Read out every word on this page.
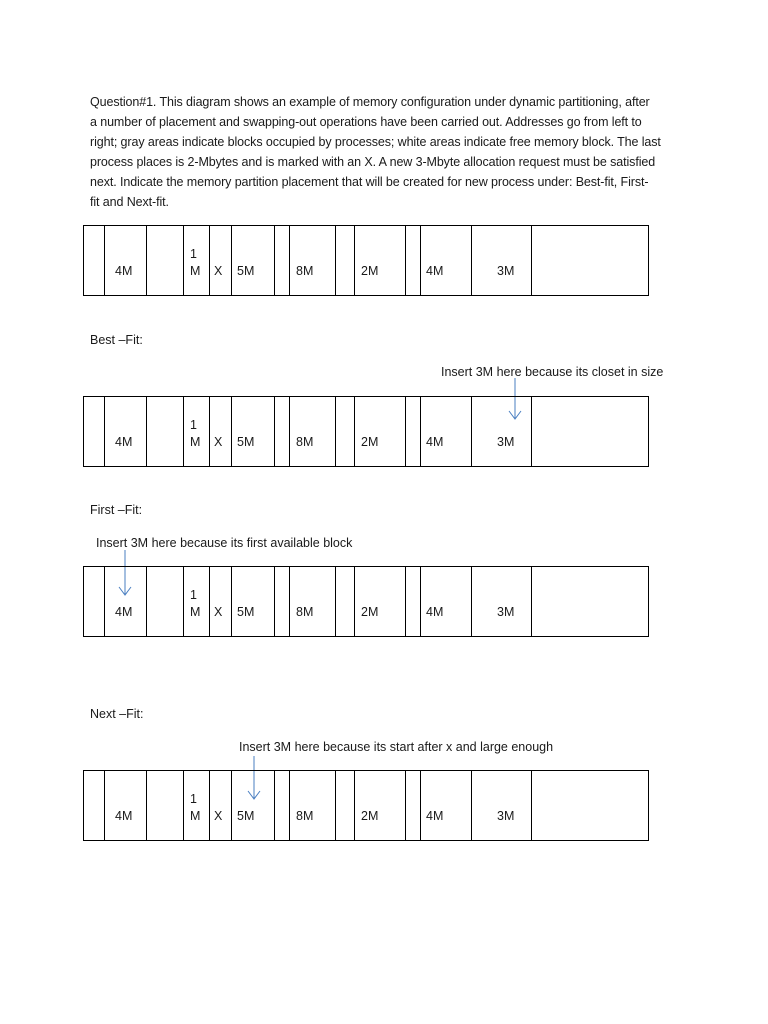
Question#1. This diagram shows an example of memory configuration under dynamic partitioning, after
a number of placement and swapping-out operations have been carried out. Addresses go from left to
right; gray areas indicate blocks occupied by processes; white areas indicate free memory block. The last
process places is 2-Mbytes and is marked with an X. A new 3-Mbyte allocation request must be satisfied
next. Indicate the memory partition placement that will be created for new process under: Best-fit, First-
fit and Next-fit.
4M	X 5M	8M	2M	4M	3M
1
M
Best –Fit:
Insert 3M here because its closet in size
4M	X 5M	8M	2M	4M	3M
1
M
First –Fit:
Insert 3M here because its first available block
4M	X 5M	8M	2M	4M	3M
1
M
Next –Fit:
Insert 3M here because its start after x and large enough
4M	X 5M	8M	2M	4M	3M
1
M
